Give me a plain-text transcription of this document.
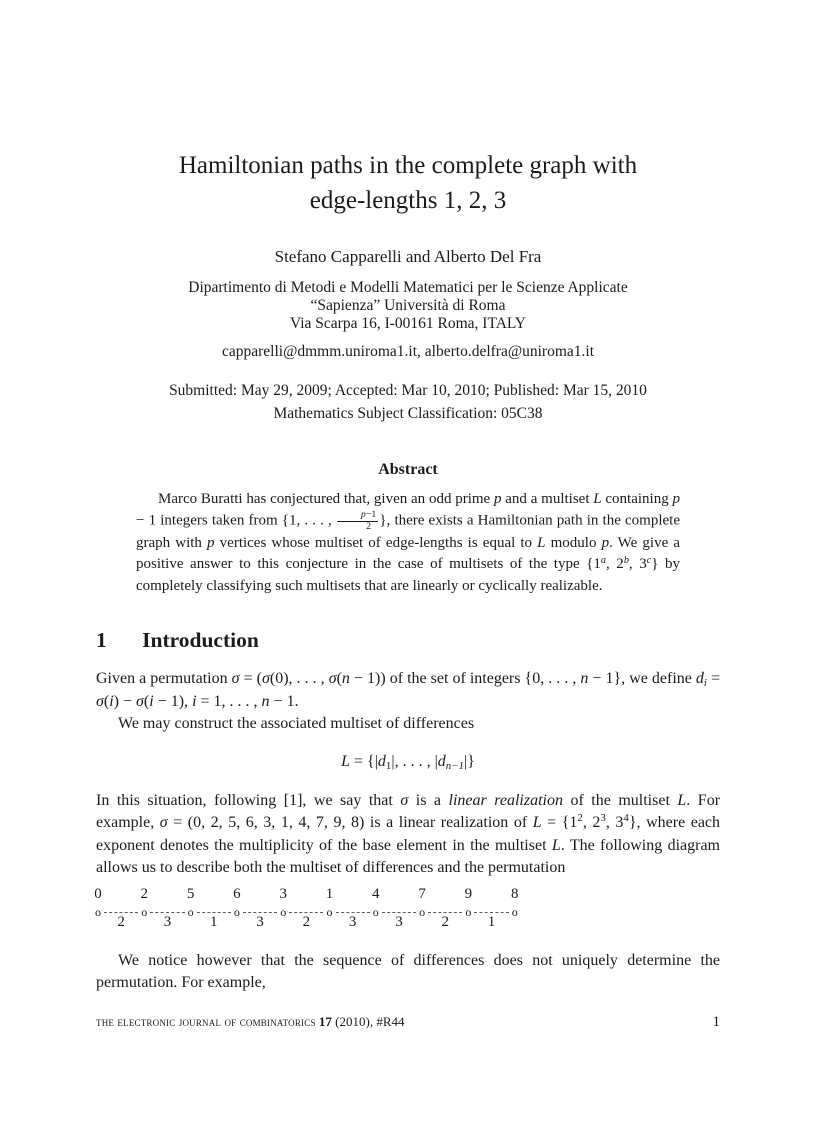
Hamiltonian paths in the complete graph with
edge-lengths 1, 2, 3
Stefano Capparelli and Alberto Del Fra
Dipartimento di Metodi e Modelli Matematici per le Scienze Applicate
“Sapienza” Università di Roma
Via Scarpa 16, I-00161 Roma, ITALY
capparelli@dmmm.uniroma1.it, alberto.delfra@uniroma1.it
Submitted: May 29, 2009; Accepted: Mar 10, 2010; Published: Mar 15, 2010
Mathematics Subject Classification: 05C38
Abstract

Marco Buratti has conjectured that, given an odd prime p and a multiset L containing p − 1 integers taken from {1, . . . , $\frac{p-1}{2}$ }, there exists a Hamiltonian path in the complete graph with p vertices whose multiset of edge-lengths is equal to L modulo p. We give a positive answer to this conjecture in the case of multisets of the type {1$^a$, 2$^b$, 3$^c$} by completely classifying such multisets that are linearly or cyclically realizable.

1 Introduction

Given a permutation σ = (σ(0), . . . , σ(n − 1)) of the set of integers {0, . . . , n − 1}, we define di = σ(i) − σ(i − 1), i = 1, . . . , n − 1.

We may construct the associated multiset of differences

L = {|d1|, . . . , |dn−1|}

In this situation, following [1], we say that σ is a linear realization of the multiset L. For example, σ = (0, 2, 5, 6, 3, 1, 4, 7, 9, 8) is a linear realization of $L = \{1^2$, $2^3$, $3^4$}, where each exponent denotes the multiplicity of the base element in the multiset L. The following diagram allows us to describe both the multiset of differences and the permutation

0
o
2
2
o
3
5
o
1
6
o
3
3
o
2
1
o
3
4
o
3
7
o
2
9
o
1
8
o

We notice however that the sequence of differences does not uniquely determine the permutation. For example,

the electronic journal of combinatorics 17 (2010), #R44	1
